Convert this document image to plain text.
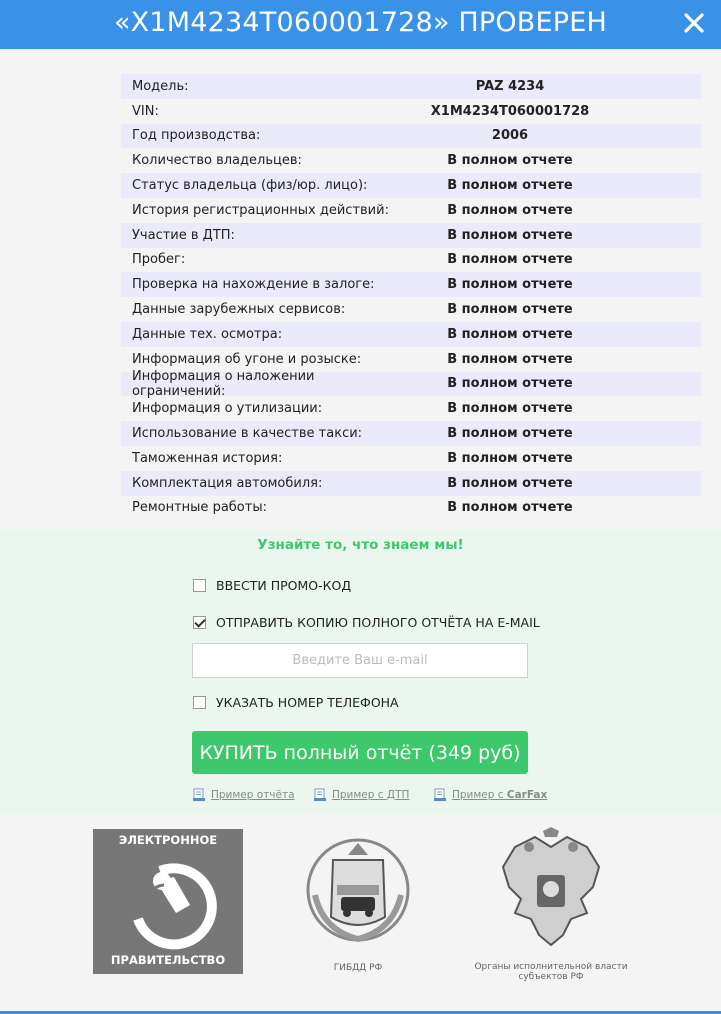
«X1M4234T060001728» ПРОВЕРЕН
Модель:	PAZ 4234
VIN:	X1M4234T060001728
Год производства:	2006
Количество владельцев:	В полном отчете
Статус владельца (физ/юр. лицо):	В полном отчете
История регистрационных действий:	В полном отчете
Участие в ДТП:	В полном отчете
Пробег:	В полном отчете
Проверка на нахождение в залоге:	В полном отчете
Данные зарубежных сервисов:	В полном отчете
Данные тех. осмотра:	В полном отчете
Информация об угоне и розыске:	В полном отчете
Информация о наложении ограничений:
В полном отчете
Информация о утилизации:	В полном отчете
Использование в качестве такси:	В полном отчете
Таможенная история:	В полном отчете
Комплектация автомобиля:	В полном отчете
Ремонтные работы:	В полном отчете
Узнайте то, что знаем мы!
ВВЕСТИ ПРОМО-КОД
ОТПРАВИТЬ КОПИЮ ПОЛНОГО ОТЧЁТА НА E-MAIL
Введите Ваш e-mail
УКАЗАТЬ НОМЕР ТЕЛЕФОНА
КУПИТЬ полный отчёт (349 руб)
Пример отчёта	Пример с ДТП	Пример с CarFax
ЭЛЕКТРОННОЕ
ПРАВИТЕЛЬСТВО
ГИБДД РФ	Органы исполнительной власти
субъектов РФ
